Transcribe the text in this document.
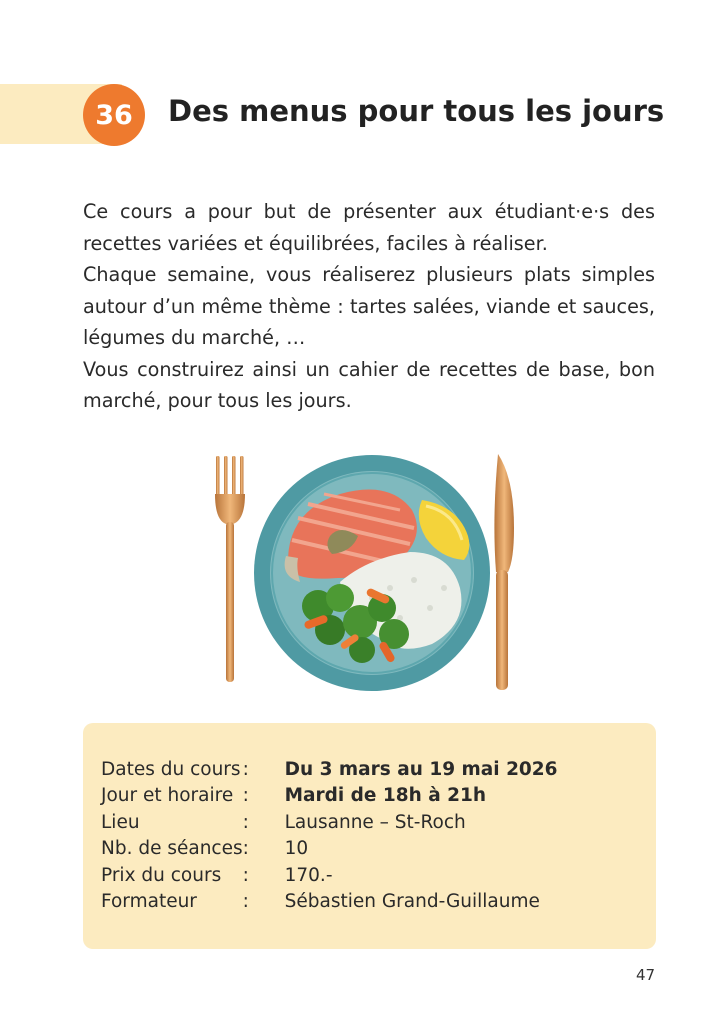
36 Des menus pour tous les jours

Ce cours a pour but de présenter aux étudiant·e·s des recettes variées et équilibrées, faciles à réaliser.

Chaque semaine, vous réaliserez plusieurs plats simples autour d’un même thème : tartes salées, viande et sauces, légumes du marché, …

Vous construirez ainsi un cahier de recettes de base, bon marché, pour tous les jours.

Dates du cours	:	Du 3 mars au 19 mai 2026
Jour et horaire	:	Mardi de 18h à 21h
Lieu	:	Lausanne – St-Roch
Nb. de séances	:	10
Prix du cours	:	170.-
Formateur	:	Sébastien Grand-Guillaume
47
